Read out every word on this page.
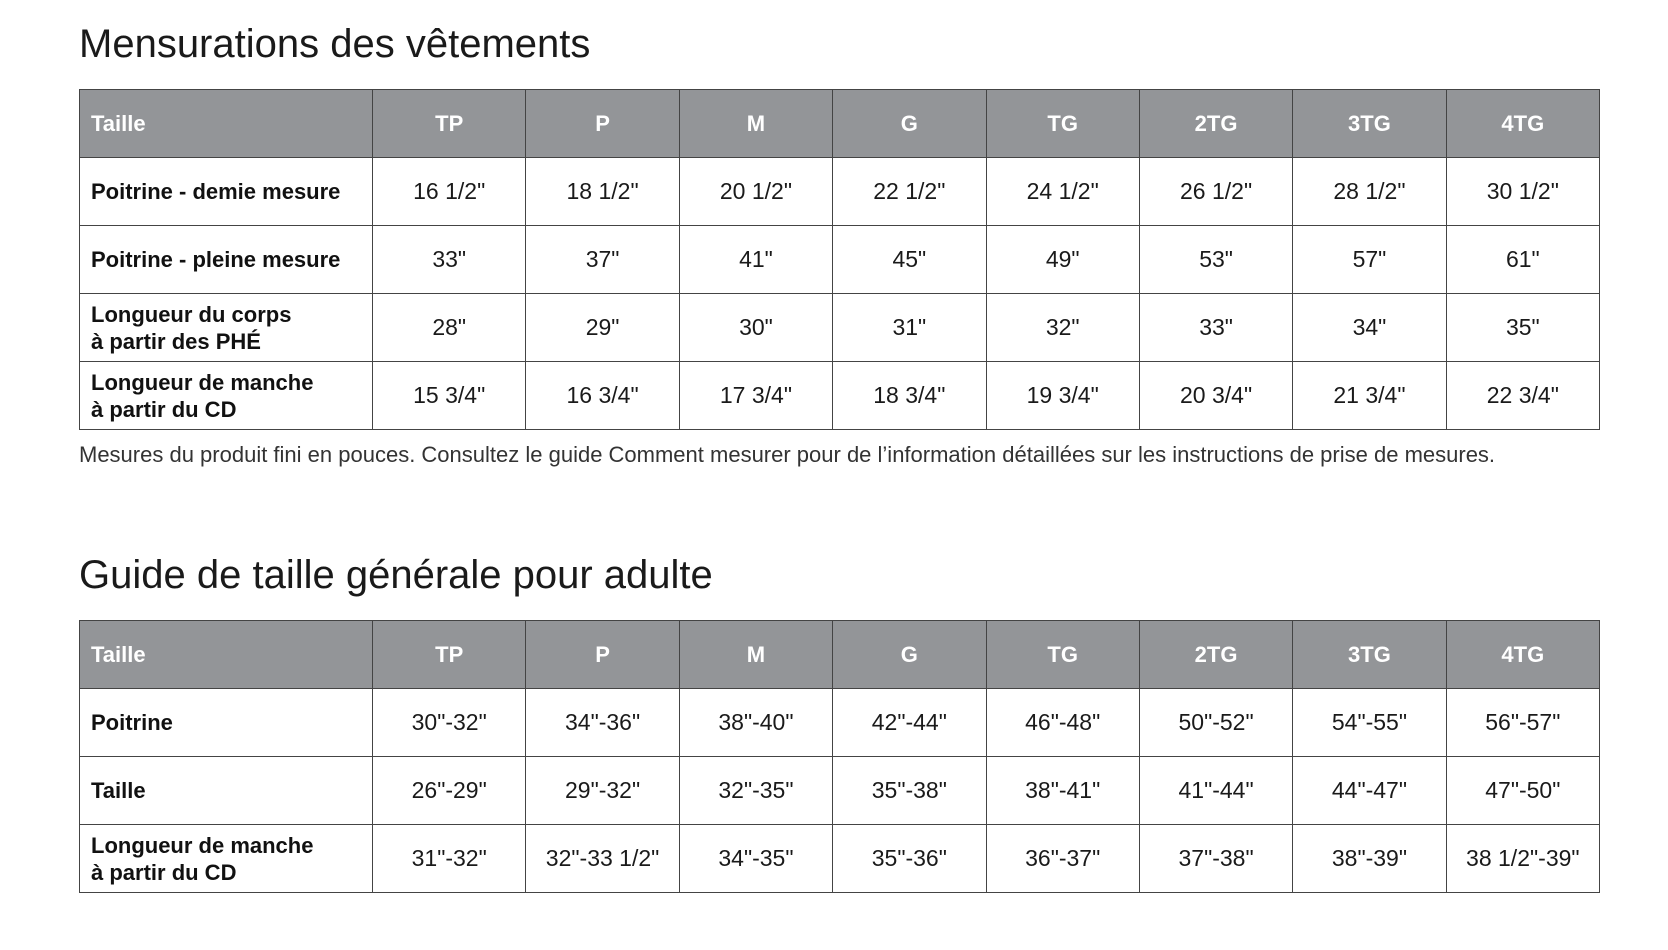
Mensurations des vêtements
Taille	TP	P	M	G	TG	2TG	3TG	4TG
Poitrine - demie mesure	16 1/2"	18 1/2"	20 1/2"	22 1/2"	24 1/2"	26 1/2"	28 1/2"	30 1/2"
Poitrine - pleine mesure	33"	37"	41"	45"	49"	53"	57"	61"
Longueur du corps
à partir des PHÉ	28"	29"	30"	31"	32"	33"	34"	35"
Longueur de manche
à partir du CD	15 3/4"	16 3/4"	17 3/4"	18 3/4"	19 3/4"	20 3/4"	21 3/4"	22 3/4"

Mesures du produit fini en pouces. Consultez le guide Comment mesurer pour de l’information détaillées sur les instructions de prise de mesures.

Guide de taille générale pour adulte
Taille	TP	P	M	G	TG	2TG	3TG	4TG
Poitrine	30"-32"	34"-36"	38"-40"	42"-44"	46"-48"	50"-52"	54"-55"	56"-57"
Taille	26"-29"	29"-32"	32"-35"	35"-38"	38"-41"	41"-44"	44"-47"	47"-50"
Longueur de manche
à partir du CD	31"-32"	32"-33 1/2"	34"-35"	35"-36"	36"-37"	37"-38"	38"-39"	38 1/2"-39"
